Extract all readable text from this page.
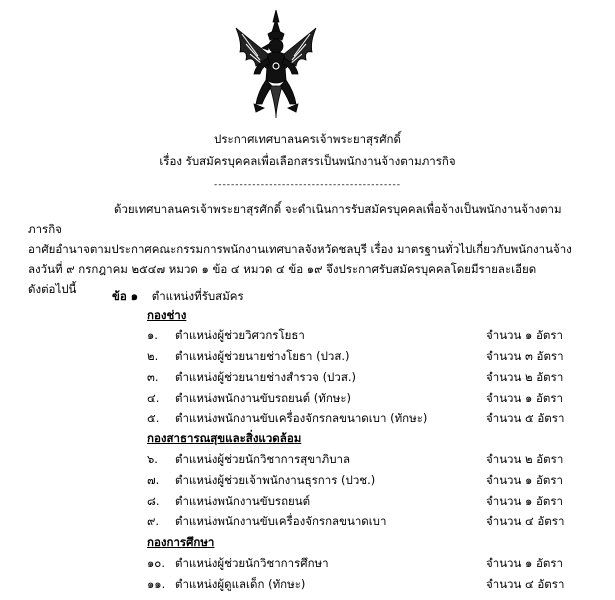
ประกาศเทศบาลนครเจ้าพระยาสุรศักดิ์
เรื่อง รับสมัครบุคคลเพื่อเลือกสรรเป็นพนักงานจ้างตามภารกิจ
--------------------------------------------
ด้วยเทศบาลนครเจ้าพระยาสุรศักดิ์ จะดำเนินการรับสมัครบุคคลเพื่อจ้างเป็นพนักงานจ้างตามภารกิจ
อาศัยอำนาจตามประกาศคณะกรรมการพนักงานเทศบาลจังหวัดชลบุรี เรื่อง มาตรฐานทั่วไปเกี่ยวกับพนักงานจ้าง
ลงวันที่ ๙ กรกฎาคม ๒๕๔๗ หมวด ๑ ข้อ ๔ หมวด ๔ ข้อ ๑๙ จึงประกาศรับสมัครบุคคลโดยมีรายละเอียด
ดังต่อไปนี้	ข้อ ๑ ตำแหน่งที่รับสมัคร
กองช่าง
๑. ตำแหน่งผู้ช่วยวิศวกรโยธา	จำนวน ๑ อัตรา
๒. ตำแหน่งผู้ช่วยนายช่างโยธา (ปวส.)	จำนวน ๓ อัตรา
๓. ตำแหน่งผู้ช่วยนายช่างสำรวจ (ปวส.)	จำนวน ๒ อัตรา
๔. ตำแหน่งพนักงานขับรถยนต์ (ทักษะ)	จำนวน ๑ อัตรา
๕. ตำแหน่งพนักงานขับเครื่องจักรกลขนาดเบา (ทักษะ)	จำนวน ๕ อัตรา
กองสาธารณสุขและสิ่งแวดล้อม
๖. ตำแหน่งผู้ช่วยนักวิชาการสุขาภิบาล	จำนวน ๒ อัตรา
๗. ตำแหน่งผู้ช่วยเจ้าพนักงานธุรการ (ปวช.)	จำนวน ๑ อัตรา
๘. ตำแหน่งพนักงานขับรถยนต์	จำนวน ๑ อัตรา
๙. ตำแหน่งพนักงานขับเครื่องจักรกลขนาดเบา	จำนวน ๔ อัตรา
กองการศึกษา
๑๐. ตำแหน่งผู้ช่วยนักวิชาการศึกษา	จำนวน ๑ อัตรา
๑๑. ตำแหน่งผู้ดูแลเด็ก (ทักษะ)	จำนวน ๔ อัตรา
